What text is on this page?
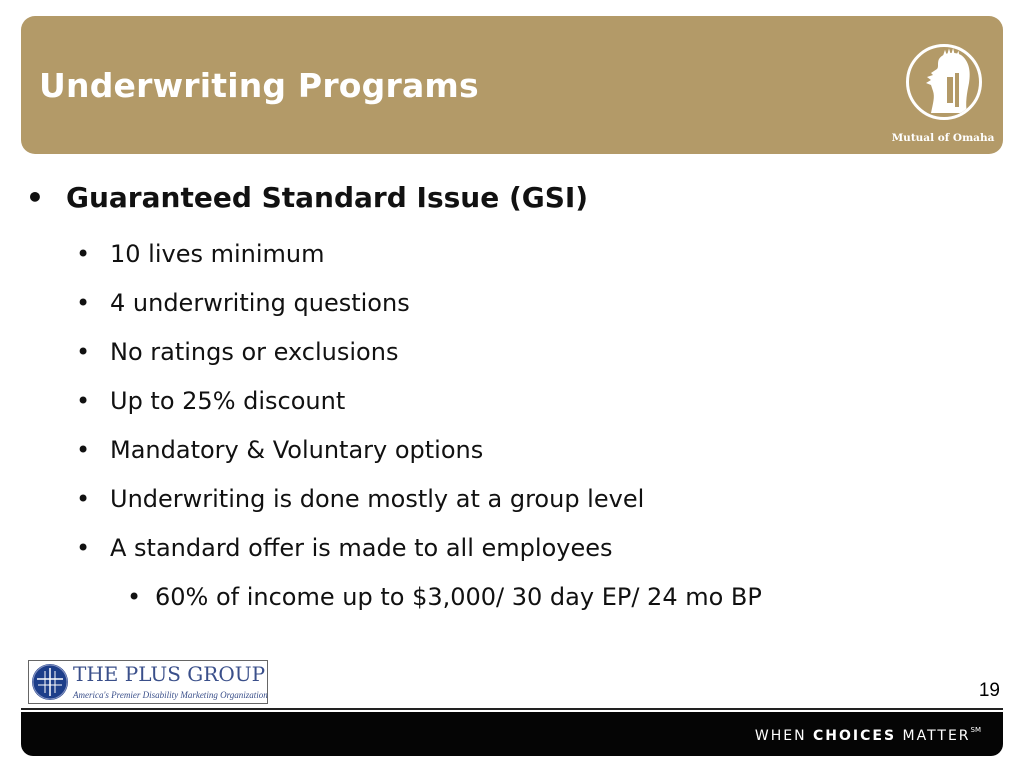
Underwriting Programs
Mutual of Omaha
• Guaranteed Standard Issue (GSI)
• 10 lives minimum
• 4 underwriting questions
• No ratings or exclusions
• Up to 25% discount
• Mandatory & Voluntary options
• Underwriting is done mostly at a group level
• A standard offer is made to all employees
• 60% of income up to $3,000/ 30 day EP/ 24 mo BP
THE PLUS GROUP
America's Premier Disability Marketing Organization	19
WHEN CHOICES MATTER℠
